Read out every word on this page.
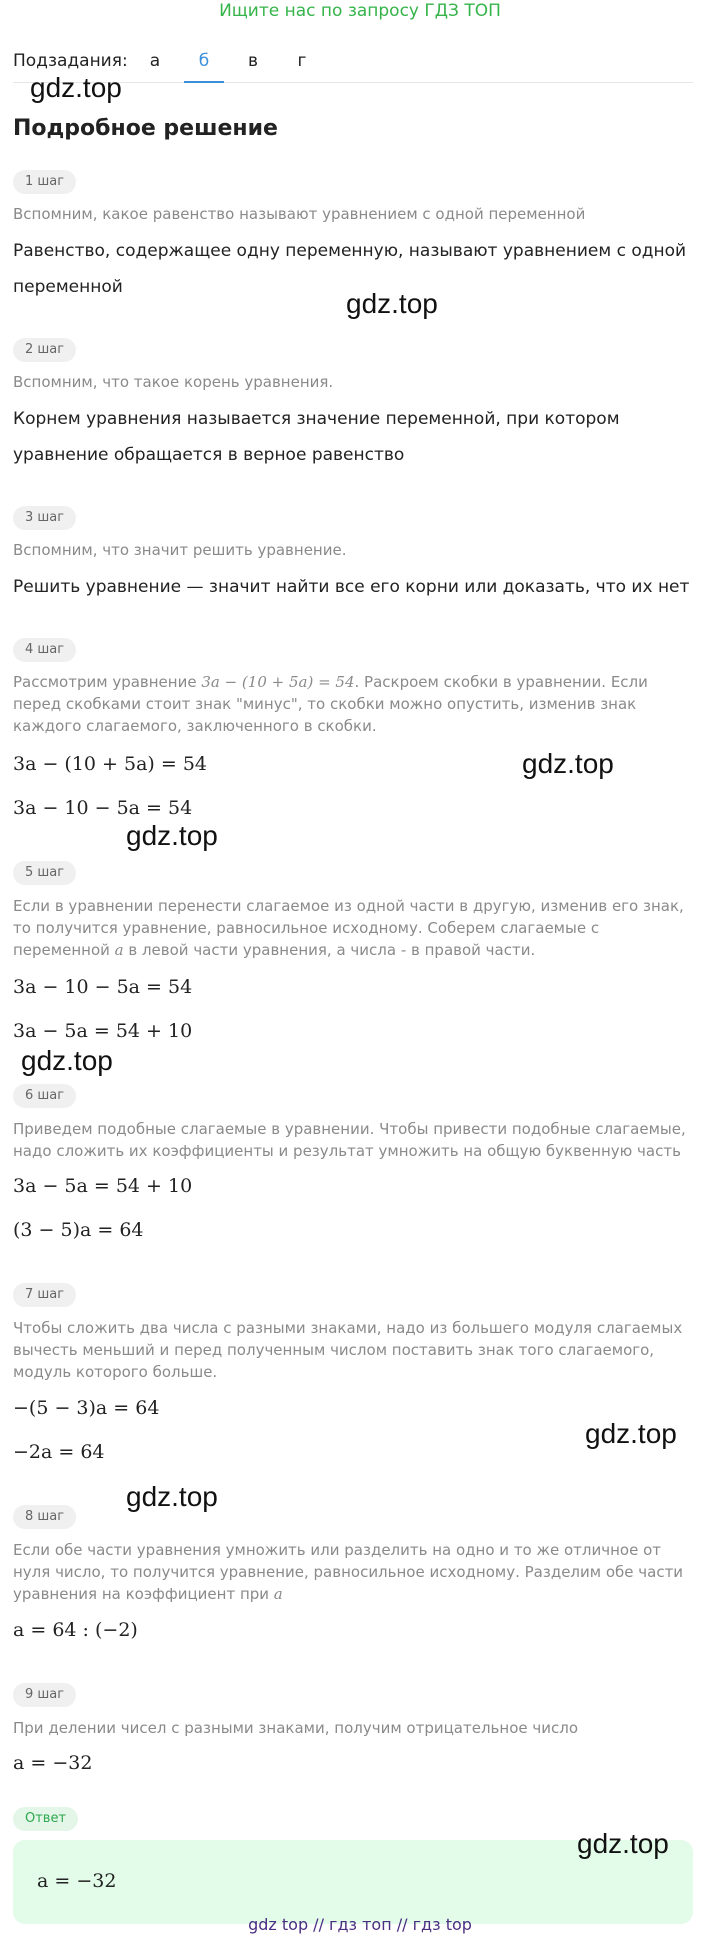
Ищите нас по запросу ГДЗ ТОП
Подзадания:	а	б	в	г
Подробное решение
1 шаг
Вспомним, какое равенство называют уравнением с одной переменной
Равенство, содержащее одну переменную, называют уравнением с одной переменной
2 шаг
Вспомним, что такое корень уравнения.
Корнем уравнения называется значение переменной, при котором уравнение обращается в верное равенство
3 шаг
Вспомним, что значит решить уравнение.
Решить уравнение — значит найти все его корни или доказать, что их нет
4 шаг
Рассмотрим уравнение 3a − (10 + 5a) = 54. Раскроем скобки в уравнении. Если перед скобками стоит знак "минус", то скобки можно опустить, изменив знак каждого слагаемого, заключенного в скобки.
3a − (10 + 5a) = 54
3a − 10 − 5a = 54
5 шаг
Если в уравнении перенести слагаемое из одной части в другую, изменив его знак, то получится уравнение, равносильное исходному. Соберем слагаемые с переменной a в левой части уравнения, а числа - в правой части.
3a − 10 − 5a = 54
3a − 5a = 54 + 10
6 шаг
Приведем подобные слагаемые в уравнении. Чтобы привести подобные слагаемые, надо сложить их коэффициенты и результат умножить на общую буквенную часть
3a − 5a = 54 + 10
(3 − 5)a = 64
7 шаг
Чтобы сложить два числа с разными знаками, надо из большего модуля слагаемых вычесть меньший и перед полученным числом поставить знак того слагаемого, модуль которого больше.
−(5 − 3)a = 64
−2a = 64
8 шаг
Если обе части уравнения умножить или разделить на одно и то же отличное от нуля число, то получится уравнение, равносильное исходному. Разделим обе части уравнения на коэффициент при a
a = 64 : (−2)
9 шаг
При делении чисел с разными знаками, получим отрицательное число
a = −32
Ответ
a = −32
gdz.top
gdz.top
gdz.top
gdz.top
gdz.top
gdz.top
gdz.top
gdz.top
gdz top // гдз топ // гдз top
